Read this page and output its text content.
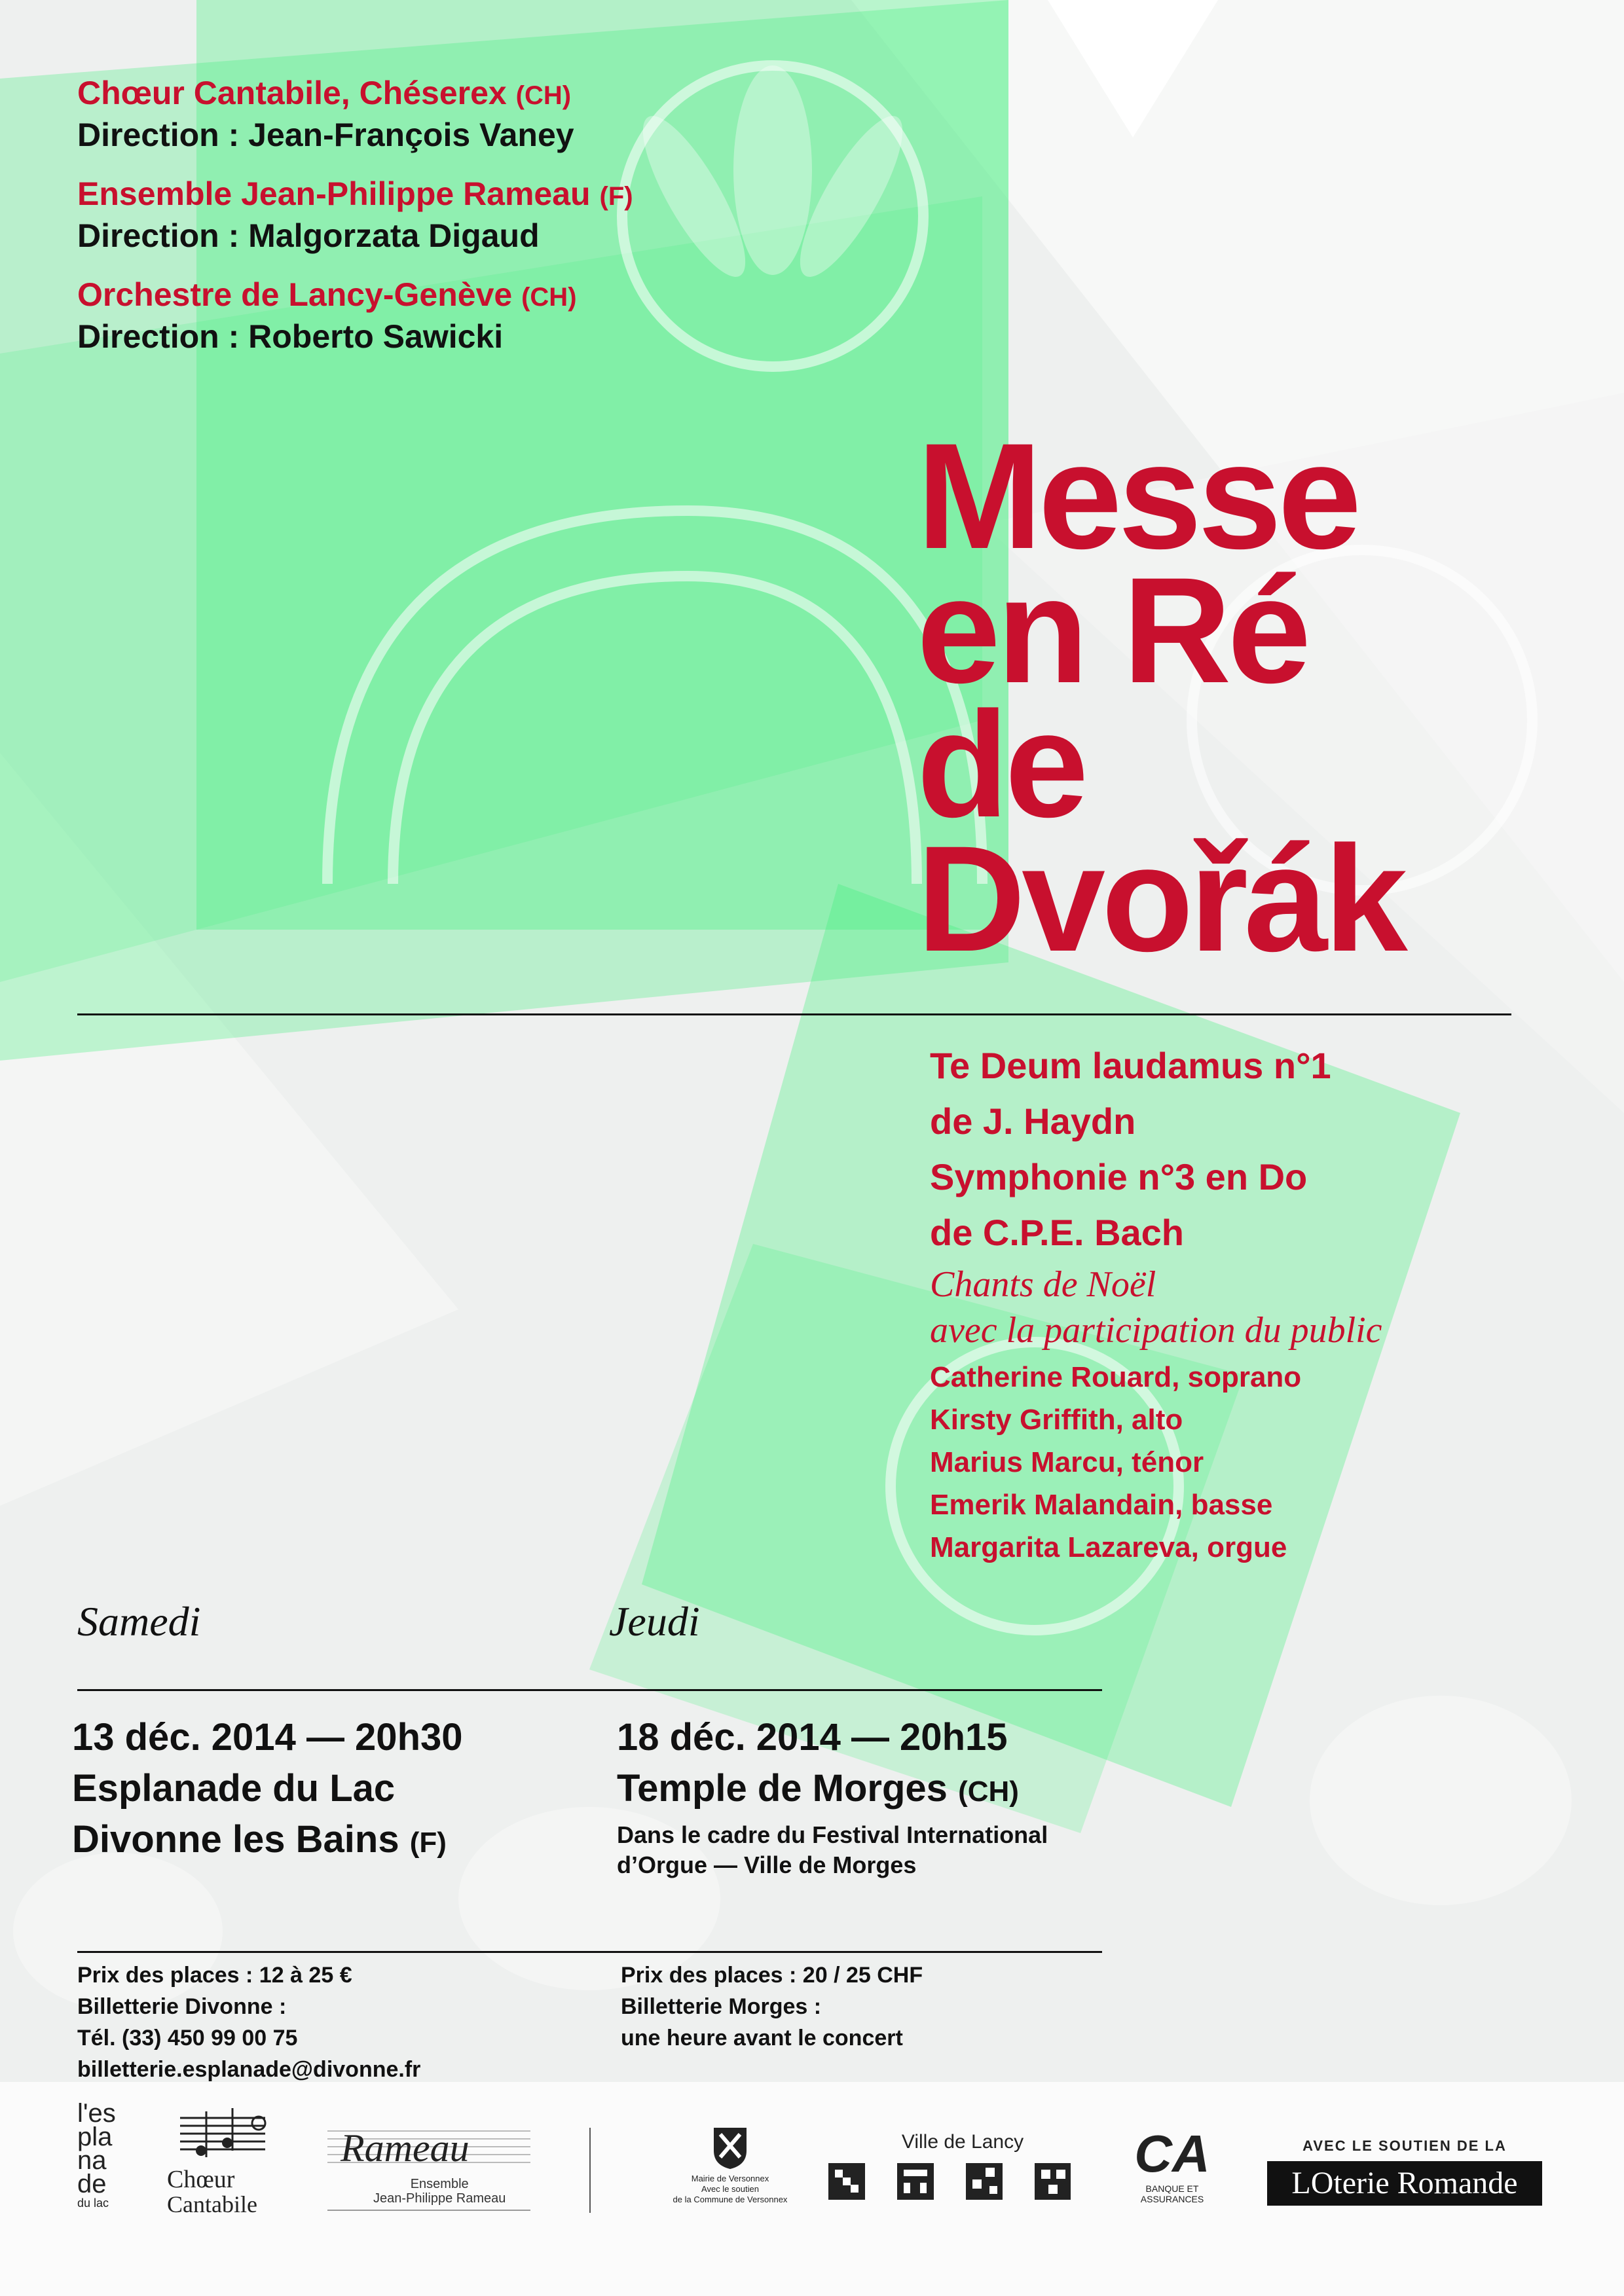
Chœur Cantabile, Chéserex (CH)
Direction : Jean-François Vaney
Ensemble Jean-Philippe Rameau (F)
Direction : Malgorzata Digaud
Orchestre de Lancy-Genève (CH)
Direction : Roberto Sawicki
Messe
en Ré
de
Dvořák
Te Deum laudamus n°1
de J. Haydn
Symphonie n°3 en Do
de C.P.E. Bach
Chants de Noël
avec la participation du public
Catherine Rouard, soprano
Kirsty Griffith, alto
Marius Marcu, ténor
Emerik Malandain, basse
Margarita Lazareva, orgue
Samedi	Jeudi
13 déc. 2014 — 20h30
Esplanade du Lac
Divonne les Bains (F)
18 déc. 2014 — 20h15
Temple de Morges (CH)
Dans le cadre du Festival International
d’Orgue — Ville de Morges
Prix des places : 12 à 25 €
Billetterie Divonne :
Tél. (33) 450 99 00 75
billetterie.esplanade@divonne.fr
Prix des places : 20 / 25 CHF
Billetterie Morges :
une heure avant le concert
l'es
pla
na
de
du lac
Chœur
Cantabile
Rameau
Ensemble
Jean-Philippe Rameau
Mairie de Versonnex
Avec le soutien
de la Commune de Versonnex
Ville de Lancy	CA
BANQUE ET ASSURANCES
AVEC LE SOUTIEN DE LA
LOterie Romande
